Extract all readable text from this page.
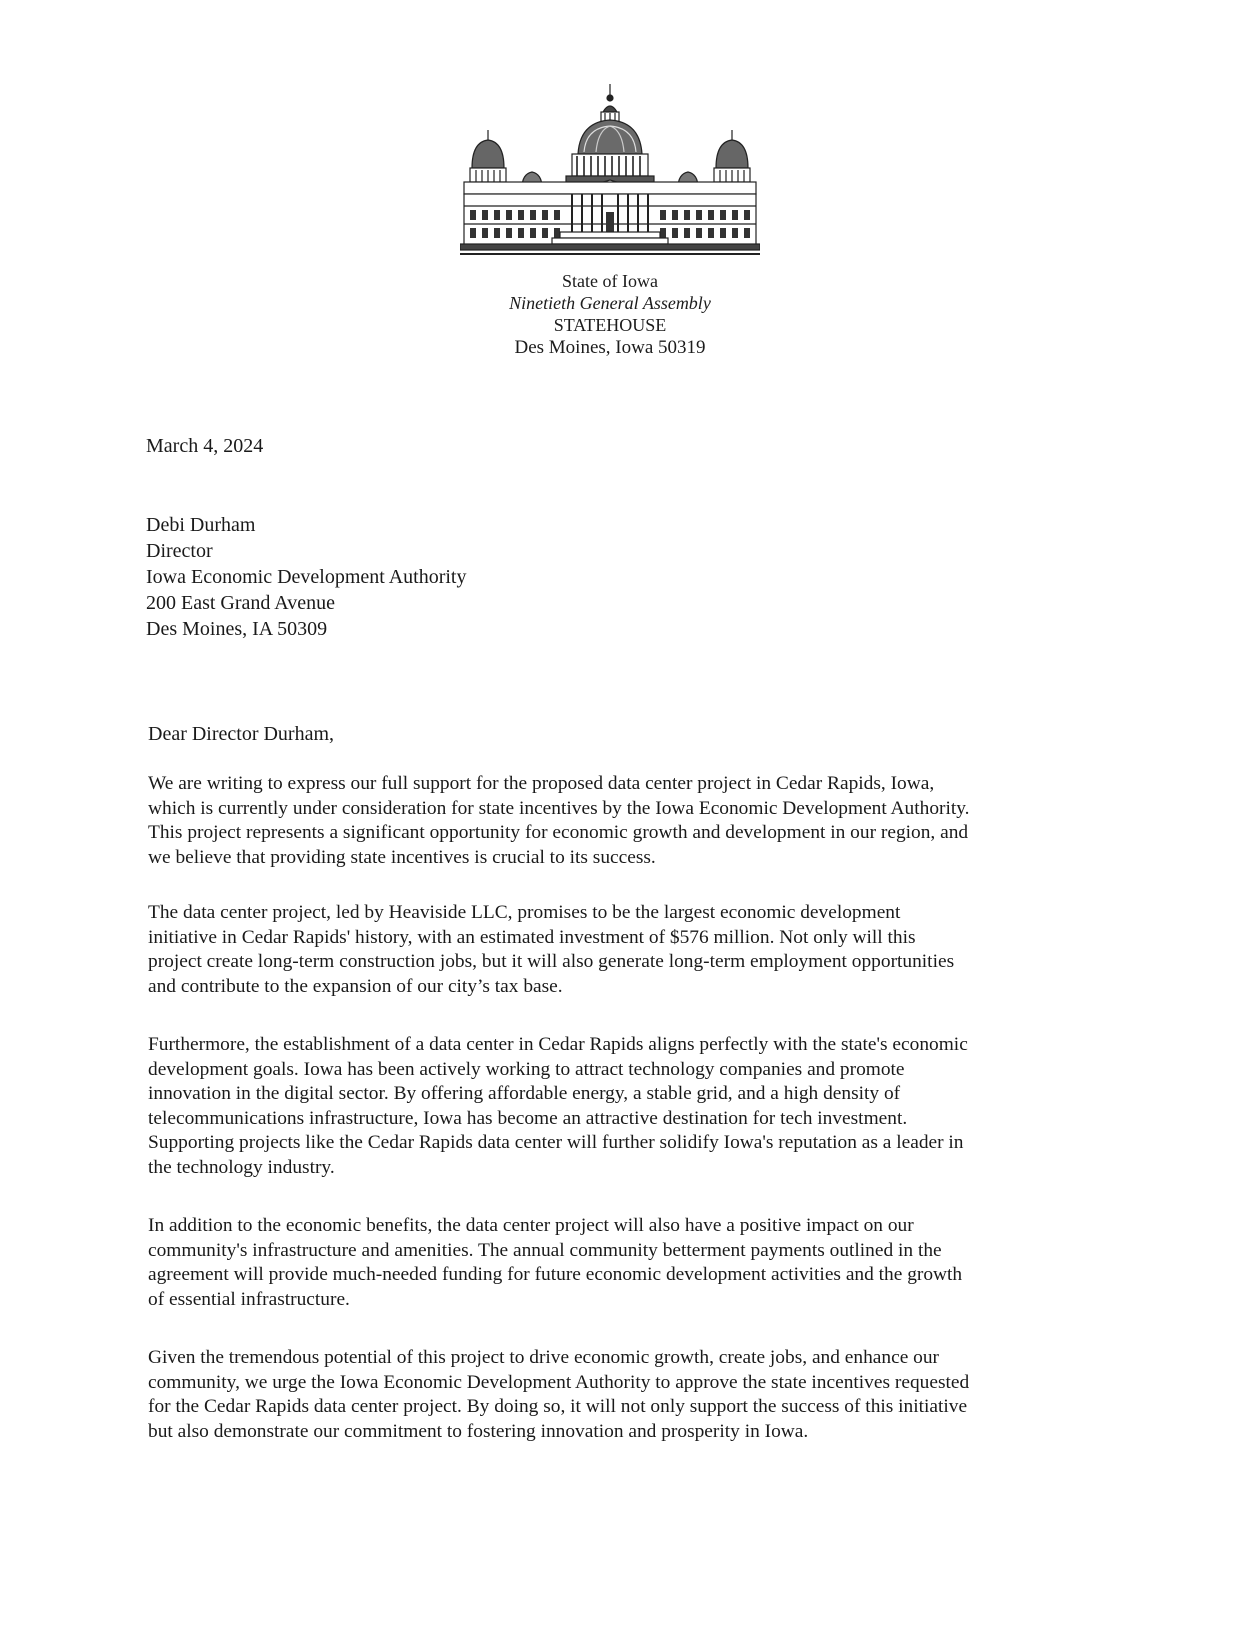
State of Iowa
Ninetieth General Assembly
STATEHOUSE
Des Moines, Iowa 50319
March 4, 2024
Debi Durham
Director
Iowa Economic Development Authority
200 East Grand Avenue
Des Moines, IA 50309
Dear Director Durham,
We are writing to express our full support for the proposed data center project in Cedar Rapids, Iowa,
which is currently under consideration for state incentives by the Iowa Economic Development Authority.
This project represents a significant opportunity for economic growth and development in our region, and
we believe that providing state incentives is crucial to its success.
The data center project, led by Heaviside LLC, promises to be the largest economic development
initiative in Cedar Rapids' history, with an estimated investment of $576 million. Not only will this
project create long-term construction jobs, but it will also generate long-term employment opportunities
and contribute to the expansion of our city’s tax base.
Furthermore, the establishment of a data center in Cedar Rapids aligns perfectly with the state's economic
development goals. Iowa has been actively working to attract technology companies and promote
innovation in the digital sector. By offering affordable energy, a stable grid, and a high density of
telecommunications infrastructure, Iowa has become an attractive destination for tech investment.
Supporting projects like the Cedar Rapids data center will further solidify Iowa's reputation as a leader in
the technology industry.
In addition to the economic benefits, the data center project will also have a positive impact on our
community's infrastructure and amenities. The annual community betterment payments outlined in the
agreement will provide much-needed funding for future economic development activities and the growth
of essential infrastructure.
Given the tremendous potential of this project to drive economic growth, create jobs, and enhance our
community, we urge the Iowa Economic Development Authority to approve the state incentives requested
for the Cedar Rapids data center project. By doing so, it will not only support the success of this initiative
but also demonstrate our commitment to fostering innovation and prosperity in Iowa.
